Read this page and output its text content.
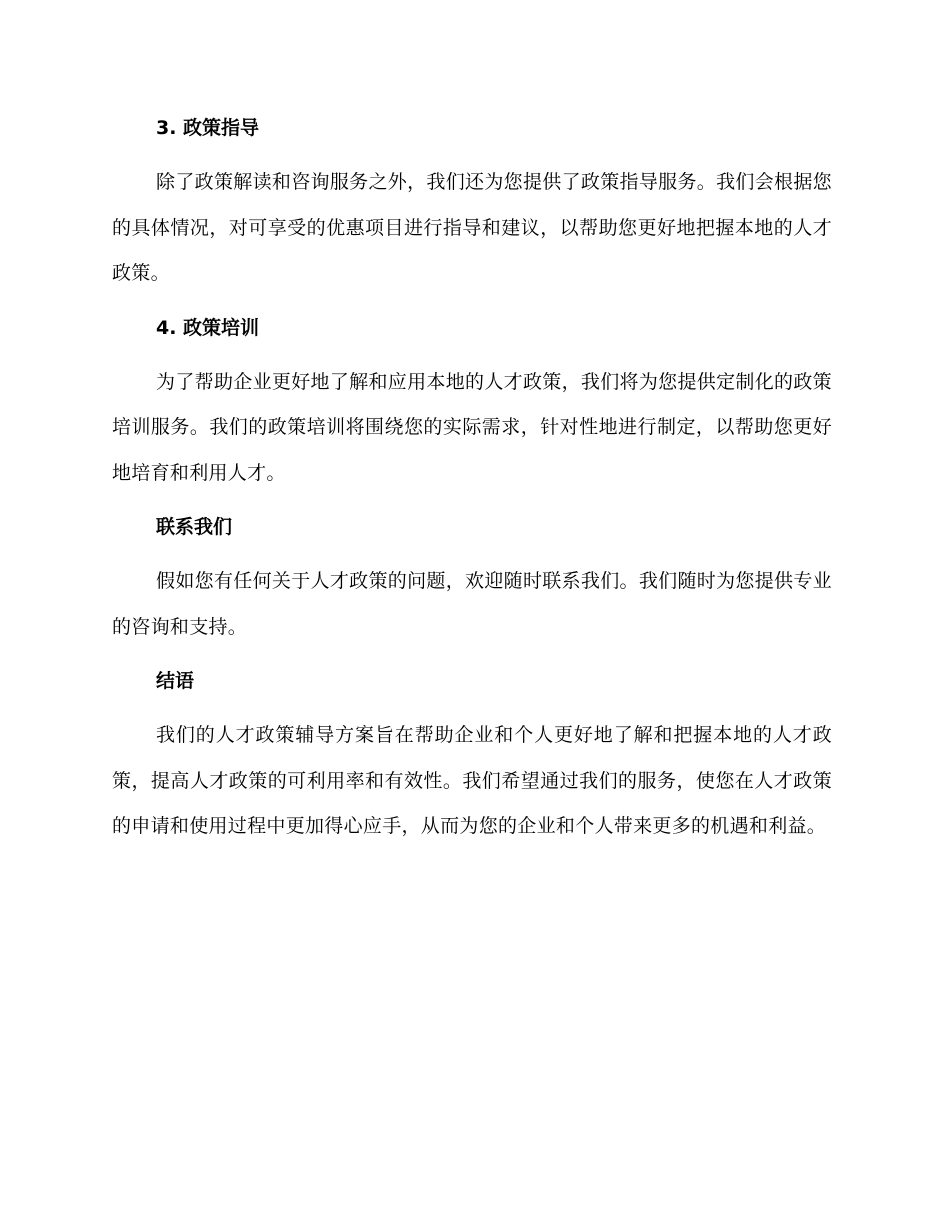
3. 政策指导

除了政策解读和咨询服务之外，我们还为您提供了政策指导服务。我们会根据您的具体情况，对可享受的优惠项目进行指导和建议，以帮助您更好地把握本地的人才政策。

4. 政策培训

为了帮助企业更好地了解和应用本地的人才政策，我们将为您提供定制化的政策培训服务。我们的政策培训将围绕您的实际需求，针对性地进行制定，以帮助您更好地培育和利用人才。

联系我们

假如您有任何关于人才政策的问题，欢迎随时联系我们。我们随时为您提供专业的咨询和支持。

结语

我们的人才政策辅导方案旨在帮助企业和个人更好地了解和把握本地的人才政策，提高人才政策的可利用率和有效性。我们希望通过我们的服务，使您在人才政策的申请和使用过程中更加得心应手，从而为您的企业和个人带来更多的机遇和利益。
